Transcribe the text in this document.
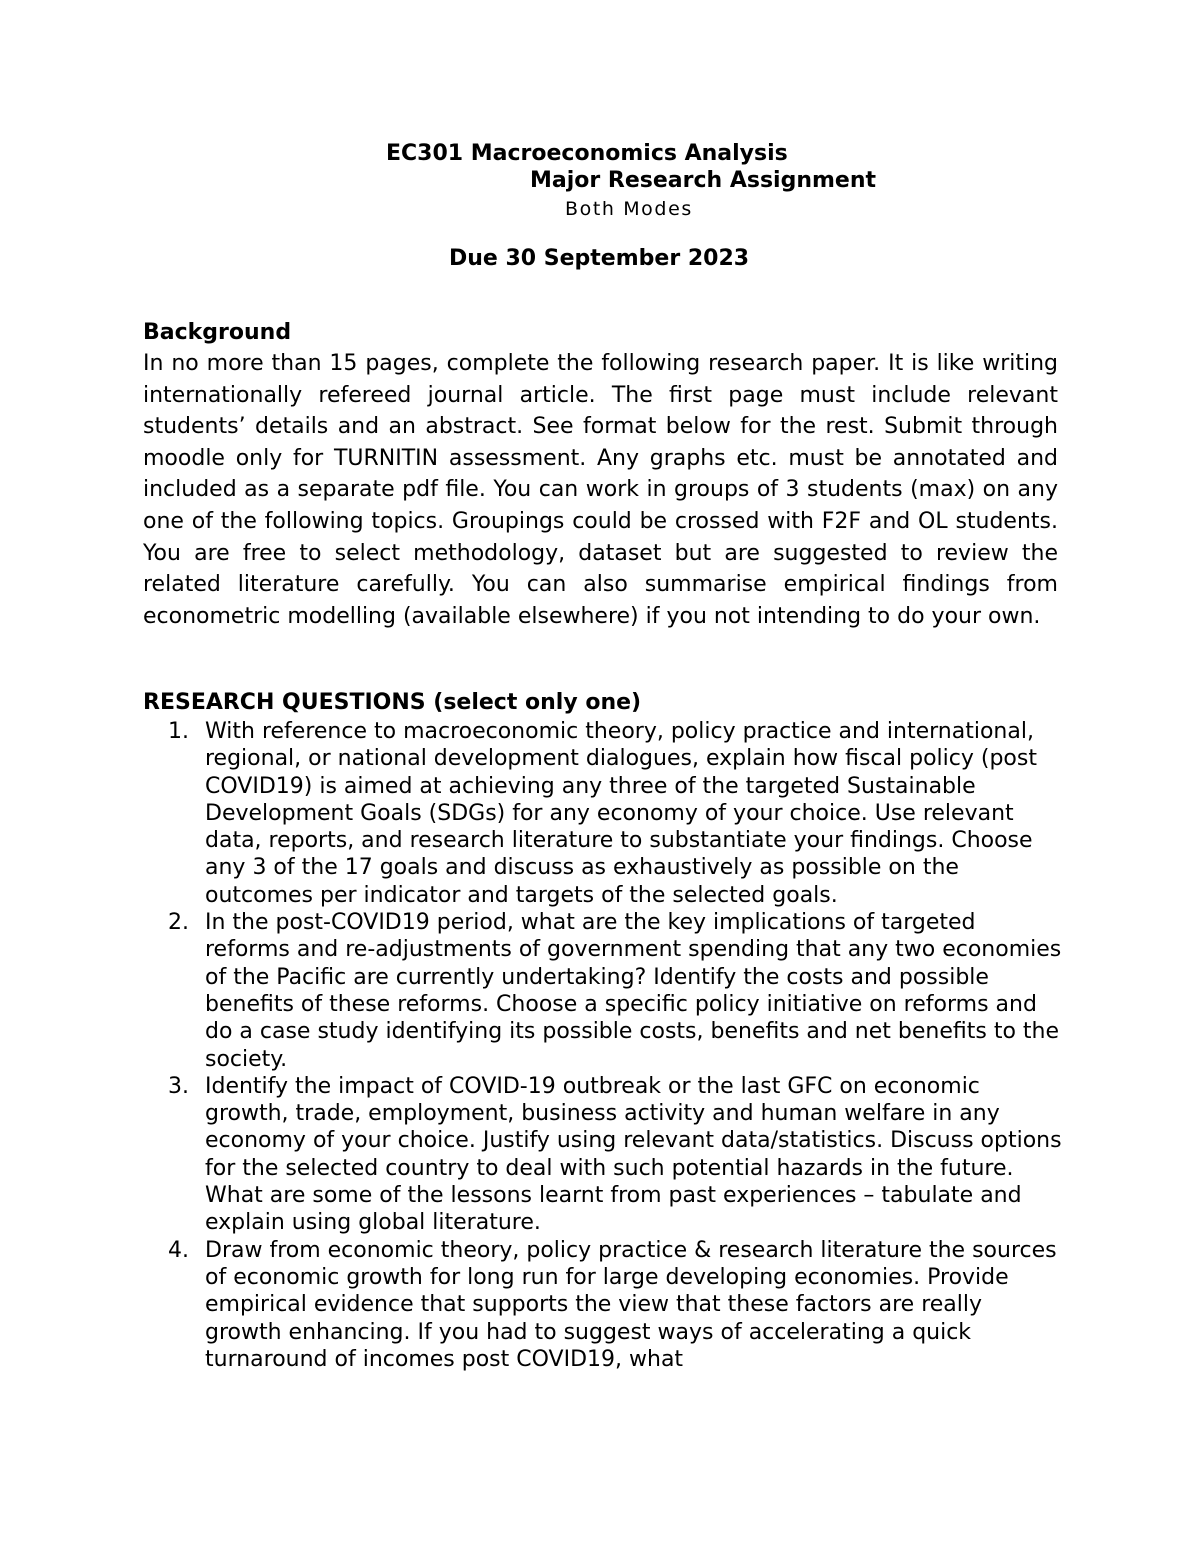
EC301 Macroeconomics Analysis
Major Research Assignment
Both Modes
Due 30 September 2023

Background

In no more than 15 pages, complete the following research paper. It is like writing internationally refereed journal article. The first page must include relevant students’ details and an abstract. See format below for the rest. Submit through moodle only for TURNITIN assessment. Any graphs etc. must be annotated and included as a separate pdf file. You can work in groups of 3 students (max) on any one of the following topics. Groupings could be crossed with F2F and OL students. You are free to select methodology, dataset but are suggested to review the related literature carefully. You can also summarise empirical findings from econometric modelling (available elsewhere) if you not intending to do your own.

RESEARCH QUESTIONS (select only one)

1. With reference to macroeconomic theory, policy practice and international, regional, or national development dialogues, explain how fiscal policy (post COVID19) is aimed at achieving any three of the targeted Sustainable Development Goals (SDGs) for any economy of your choice. Use relevant data, reports, and research literature to substantiate your findings. Choose any 3 of the 17 goals and discuss as exhaustively as possible on the outcomes per indicator and targets of the selected goals.
2. In the post-COVID19 period, what are the key implications of targeted reforms and re-adjustments of government spending that any two economies of the Pacific are currently undertaking? Identify the costs and possible benefits of these reforms. Choose a specific policy initiative on reforms and do a case study identifying its possible costs, benefits and net benefits to the society.
3. Identify the impact of COVID-19 outbreak or the last GFC on economic growth, trade, employment, business activity and human welfare in any economy of your choice. Justify using relevant data/statistics. Discuss options for the selected country to deal with such potential hazards in the future. What are some of the lessons learnt from past experiences – tabulate and explain using global literature.
4. Draw from economic theory, policy practice & research literature the sources of economic growth for long run for large developing economies. Provide empirical evidence that supports the view that these factors are really growth enhancing. If you had to suggest ways of accelerating a quick turnaround of incomes post COVID19, what
